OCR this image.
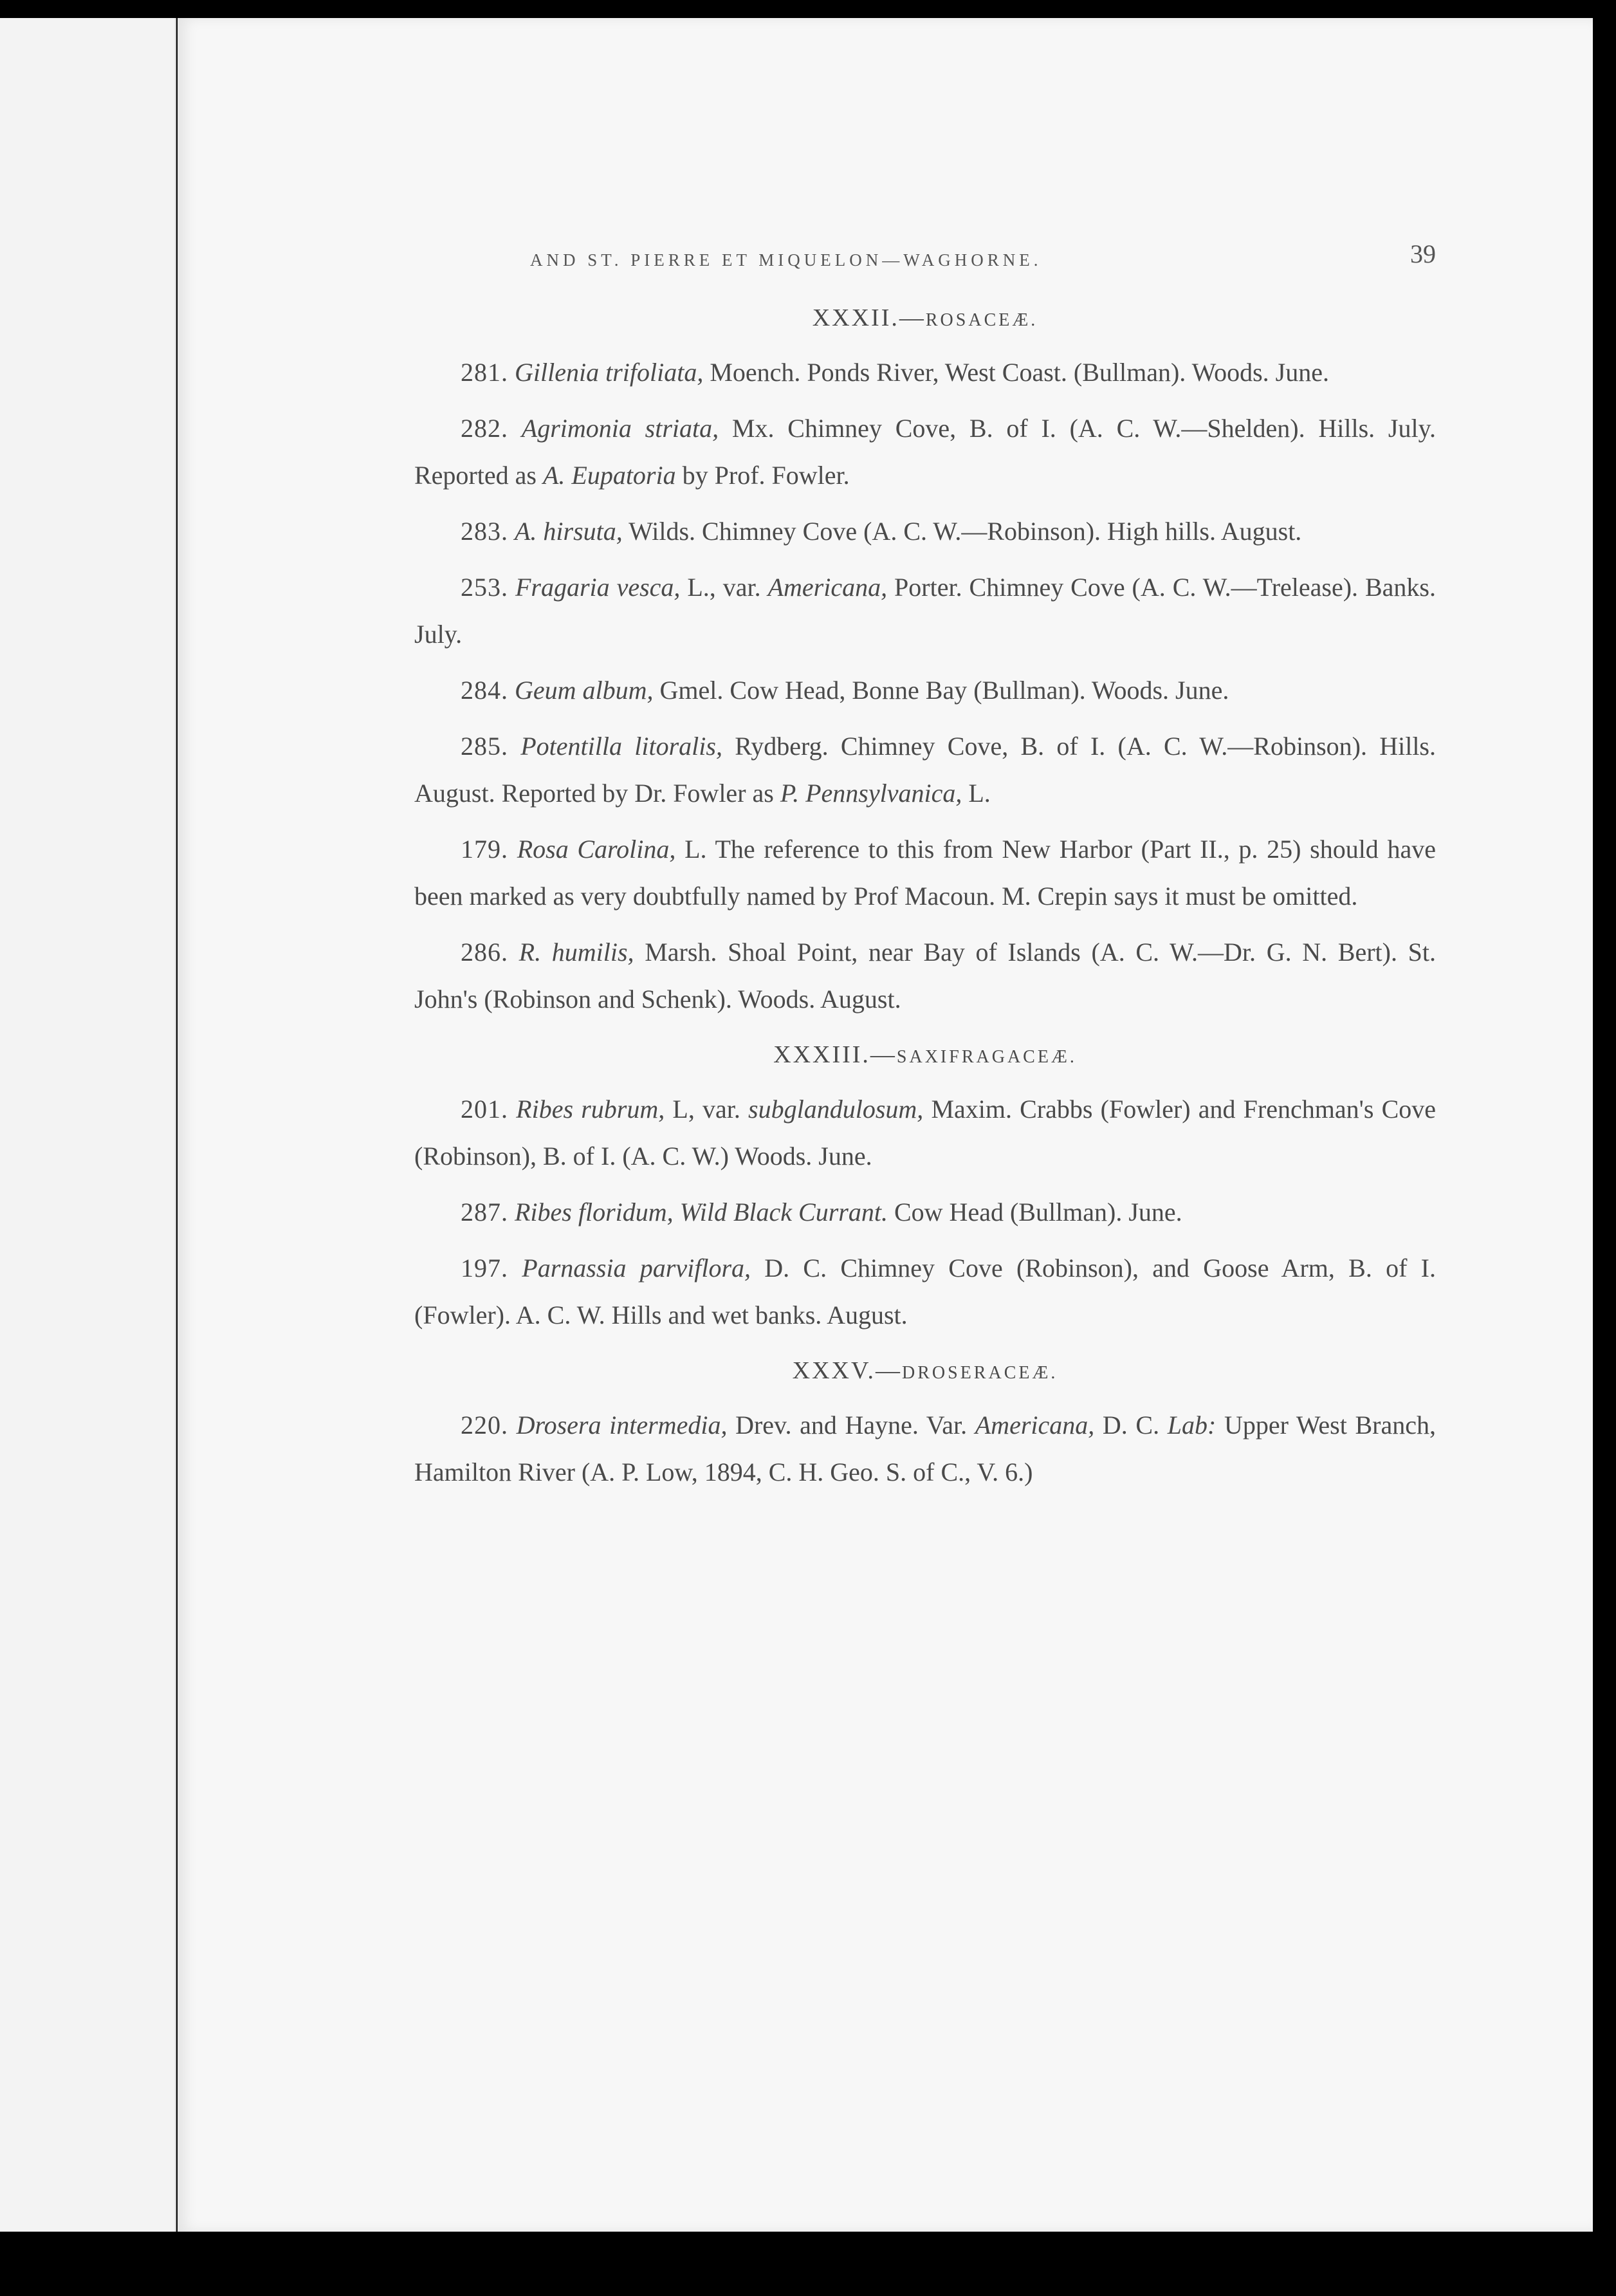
AND ST. PIERRE ET MIQUELON—WAGHORNE.	39
XXXII.—ROSACEÆ.

281. Gillenia trifoliata, Moench. Ponds River, West Coast. (Bullman). Woods. June.

282. Agrimonia striata, Mx. Chimney Cove, B. of I. (A. C. W.—Shelden). Hills. July. Reported as A. Eupatoria by Prof. Fowler.

283. A. hirsuta, Wilds. Chimney Cove (A. C. W.—Robinson). High hills. August.

253. Fragaria vesca, L., var. Americana, Porter. Chimney Cove (A. C. W.—Trelease). Banks. July.

284. Geum album, Gmel. Cow Head, Bonne Bay (Bullman). Woods. June.

285. Potentilla litoralis, Rydberg. Chimney Cove, B. of I. (A. C. W.—Robinson). Hills. August. Reported by Dr. Fowler as P. Pennsylvanica, L.

179. Rosa Carolina, L. The reference to this from New Harbor (Part II., p. 25) should have been marked as very doubtfully named by Prof Macoun. M. Crepin says it must be omitted.

286. R. humilis, Marsh. Shoal Point, near Bay of Islands (A. C. W.—Dr. G. N. Bert). St. John's (Robinson and Schenk). Woods. August.

XXXIII.—SAXIFRAGACEÆ.

201. Ribes rubrum, L, var. subglandulosum, Maxim. Crabbs (Fowler) and Frenchman's Cove (Robinson), B. of I. (A. C. W.) Woods. June.

287. Ribes floridum, Wild Black Currant. Cow Head (Bullman). June.

197. Parnassia parviflora, D. C. Chimney Cove (Robinson), and Goose Arm, B. of I. (Fowler). A. C. W. Hills and wet banks. August.

XXXV.—DROSERACEÆ.

220. Drosera intermedia, Drev. and Hayne. Var. Americana, D. C. Lab: Upper West Branch, Hamilton River (A. P. Low, 1894, C. H. Geo. S. of C., V. 6.)
